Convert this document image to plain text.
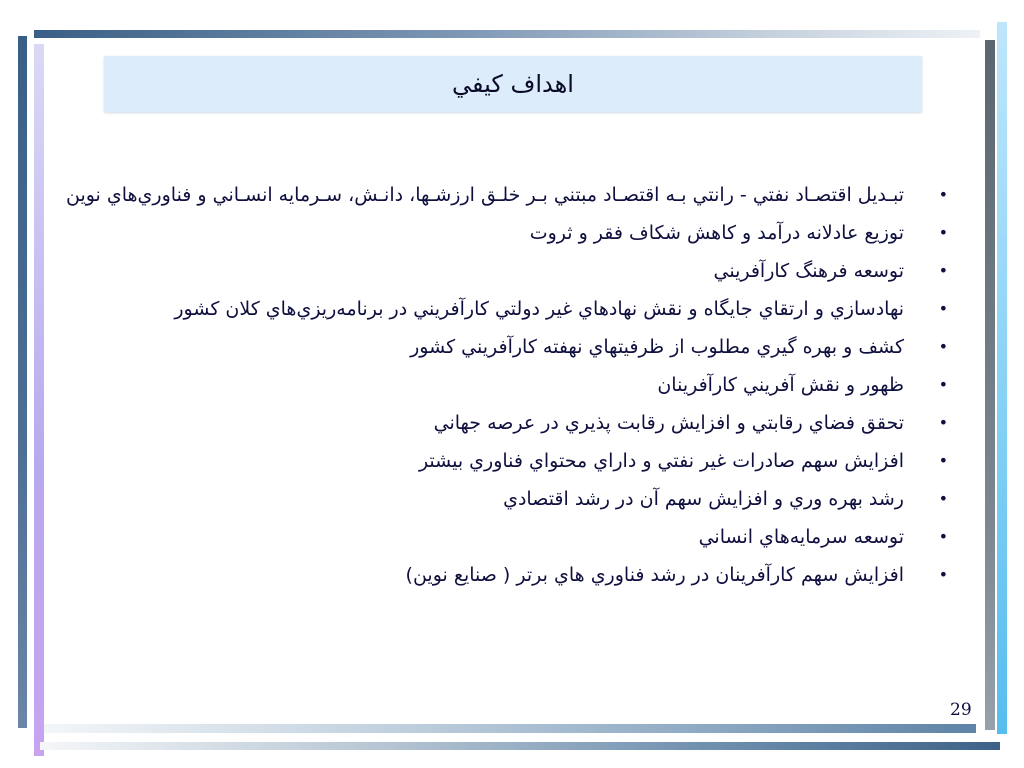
اهداف كيفي
•
تبـديل اقتصـاد نفتي - رانتي بـه اقتصـاد مبتني بـر خلـق ارزشـها، دانـش، سـرمايه انسـاني و فناوري‌هاي نوين
•
توزيع عادلانه درآمد و كاهش شكاف فقر و ثروت
•
توسعه فرهنگ كارآفريني
•
نهادسازي و ارتقاي جايگاه و نقش نهادهاي غير دولتي كارآفريني در برنامه‌ريزي‌هاي كلان كشور
•
كشف و بهره گيري مطلوب از ظرفيتهاي نهفته كارآفريني كشور
•
ظهور و نقش آفريني كارآفرينان
•
تحقق فضاي رقابتي و افزايش رقابت پذيري در عرصه جهاني
•
افزايش سهم صادرات غير نفتي و داراي محتواي فناوري بيشتر
•
رشد بهره وري و افزايش سهم آن در رشد اقتصادي
•
توسعه سرمايه‌هاي انساني
•
افزايش سهم كارآفرينان در رشد فناوري هاي برتر ( صنايع نوين)
29
